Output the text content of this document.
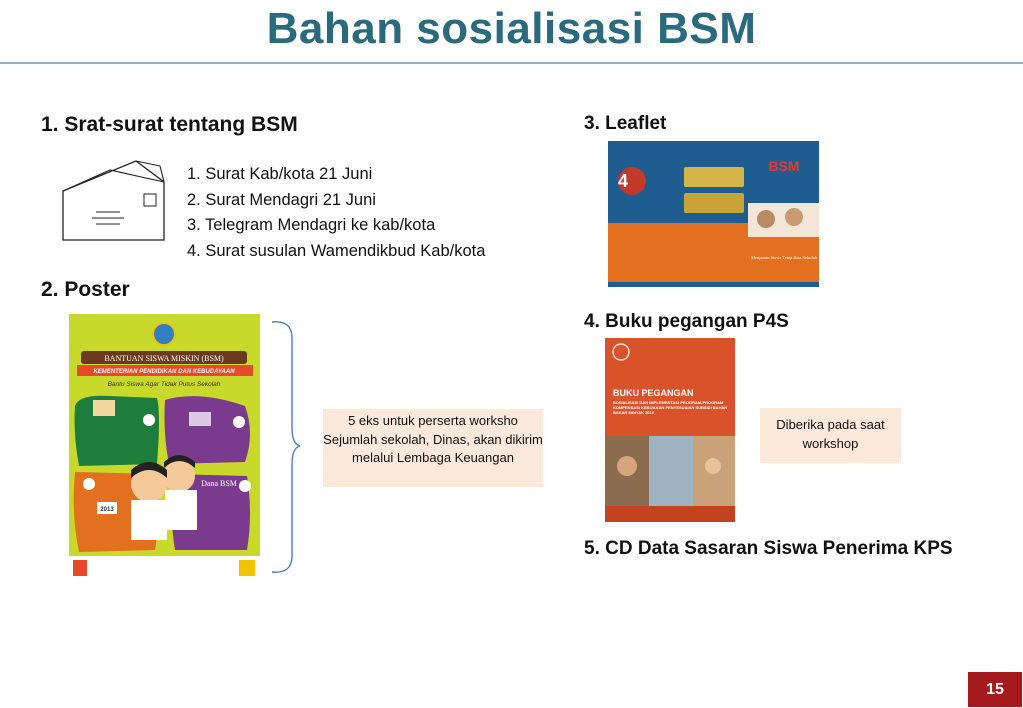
Bahan sosialisasi BSM
1. Srat-surat tentang BSM
1. Surat Kab/kota 21 Juni
2. Surat Mendagri 21 Juni
3. Telegram Mendagri ke kab/kota
4. Surat susulan Wamendikbud Kab/kota
2. Poster
BANTUAN SISWA MISKIN (BSM)
KEMENTERIAN PENDIDIKAN DAN KEBUDAYAAN
Bantu Siswa Agar Tidak Putus Sekolah
2013
Dana BSM
5 eks untuk perserta worksho Sejumlah sekolah, Dinas, akan dikirim melalui Lembaga Keuangan
3. Leaflet
BSM
Menjamin Siswa Tetap Bisa Sekolah
4
4. Buku pegangan P4S
BUKU PEGANGAN
SOSIALISASI DAN IMPLEMENTASI PROGRAM-PROGRAM KOMPENSASI KEBIJAKAN PENYESUAIAN SUBSIDI BAHAN BAKAR MINYAK 2013
Diberika pada saat workshop
5. CD Data Sasaran Siswa Penerima KPS
15
